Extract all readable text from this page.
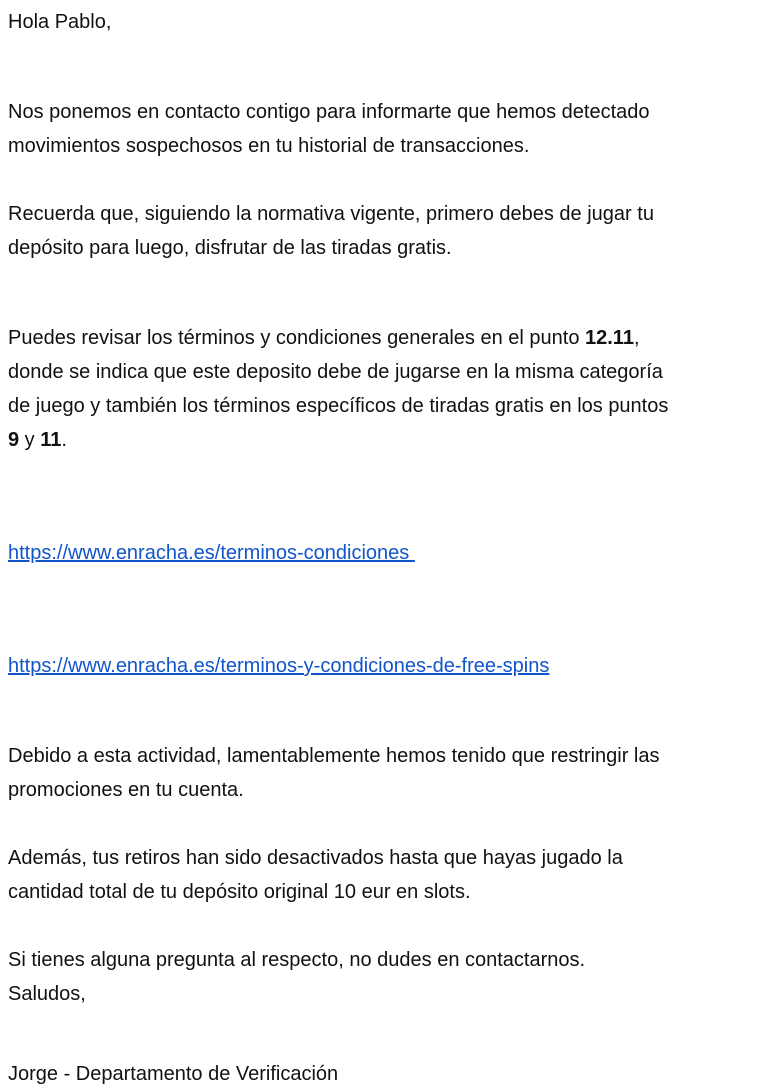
Hola Pablo,
Nos ponemos en contacto contigo para informarte que hemos detectado
movimientos sospechosos en tu historial de transacciones.
Recuerda que, siguiendo la normativa vigente, primero debes de jugar tu
depósito para luego, disfrutar de las tiradas gratis.
Puedes revisar los términos y condiciones generales en el punto 12.11,
donde se indica que este deposito debe de jugarse en la misma categoría
de juego y también los términos específicos de tiradas gratis en los puntos
9 y 11.
https://www.enracha.es/terminos-condiciones
https://www.enracha.es/terminos-y-condiciones-de-free-spins
Debido a esta actividad, lamentablemente hemos tenido que restringir las
promociones en tu cuenta.
Además, tus retiros han sido desactivados hasta que hayas jugado la
cantidad total de tu depósito original 10 eur en slots.
Si tienes alguna pregunta al respecto, no dudes en contactarnos.
Saludos,
Jorge - Departamento de Verificación
